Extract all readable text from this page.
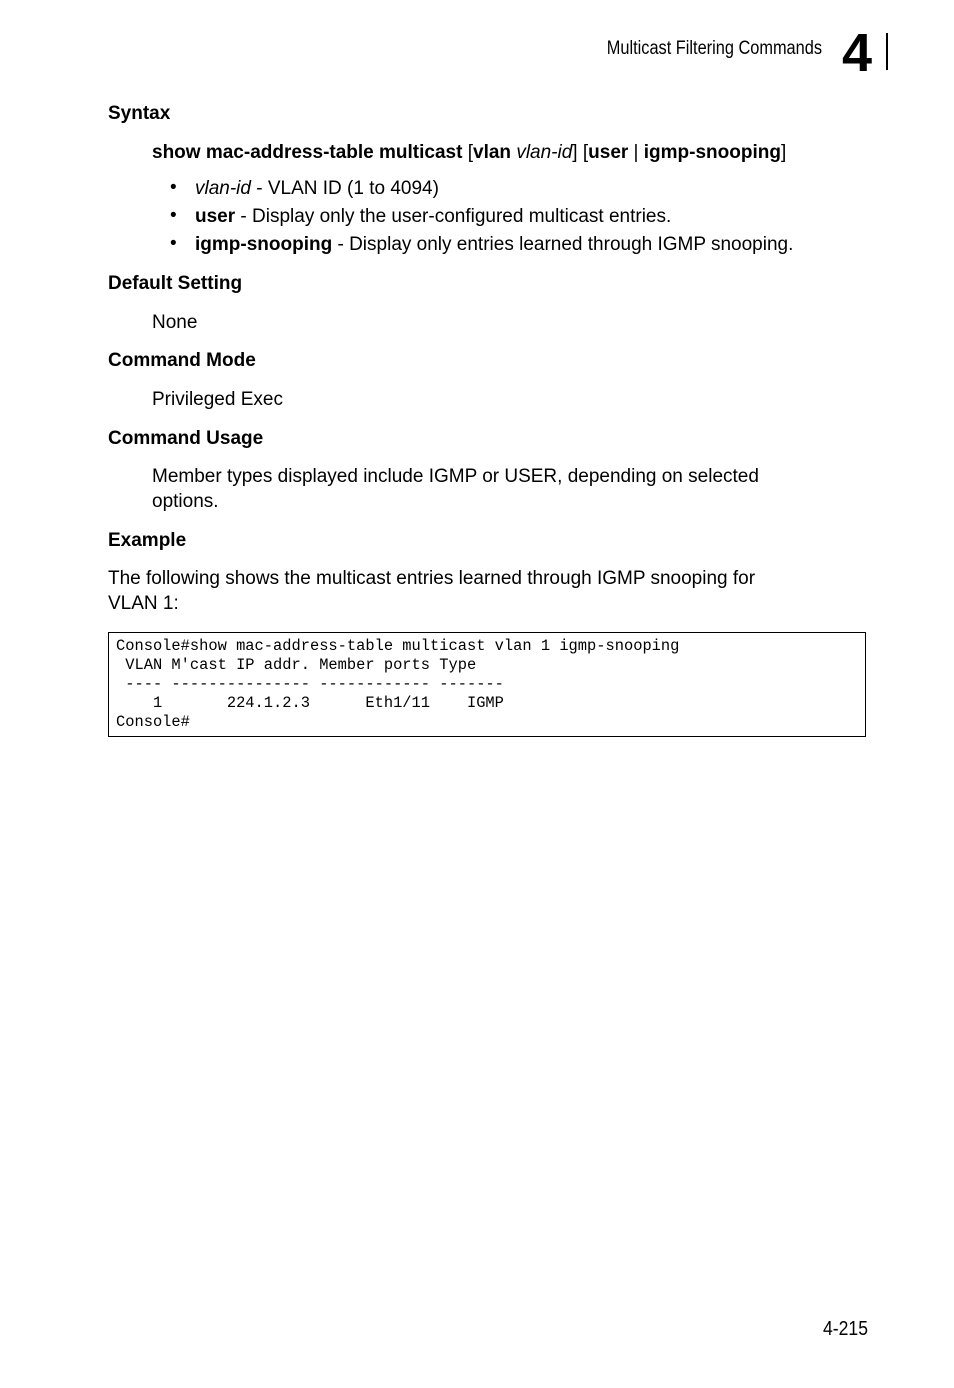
Multicast Filtering Commands 4
Syntax
show mac-address-table multicast [vlan vlan-id] [user | igmp-snooping]
• vlan-id - VLAN ID (1 to 4094)
• user - Display only the user-configured multicast entries.
• igmp-snooping - Display only entries learned through IGMP snooping.
Default Setting
None
Command Mode
Privileged Exec
Command Usage
Member types displayed include IGMP or USER, depending on selected
options.
Example
The following shows the multicast entries learned through IGMP snooping for
VLAN 1:
Console#show mac-address-table multicast vlan 1 igmp-snooping
VLAN M'cast IP addr. Member ports Type
---- --------------- ------------ -------
1       224.1.2.3      Eth1/11    IGMP
Console#
4-215
